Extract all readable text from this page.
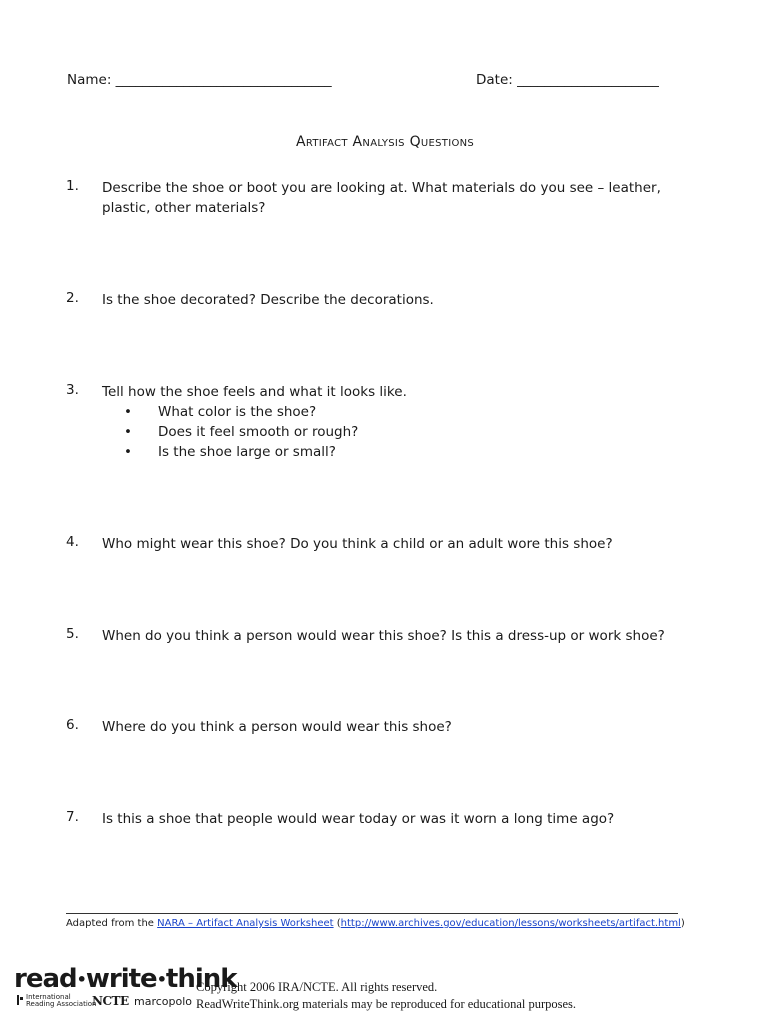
Name: ________________________________	Date: _____________________
Artifact Analysis Questions
1. Describe the shoe or boot you are looking at. What materials do you see – leather, plastic, other materials?
2. Is the shoe decorated? Describe the decorations.
3. Tell how the shoe feels and what it looks like.
• What color is the shoe?
• Does it feel smooth or rough?
• Is the shoe large or small?
4. Who might wear this shoe? Do you think a child or an adult wore this shoe?
5. When do you think a person would wear this shoe? Is this a dress-up or work shoe?
6. Where do you think a person would wear this shoe?
7. Is this a shoe that people would wear today or was it worn a long time ago?
Adapted from the NARA – Artifact Analysis Worksheet (http://www.archives.gov/education/lessons/worksheets/artifact.html)
read•write•think
International
Reading Association
NCTE marcopolo
Copyright 2006 IRA/NCTE. All rights reserved.
ReadWriteThink.org materials may be reproduced for educational purposes.
